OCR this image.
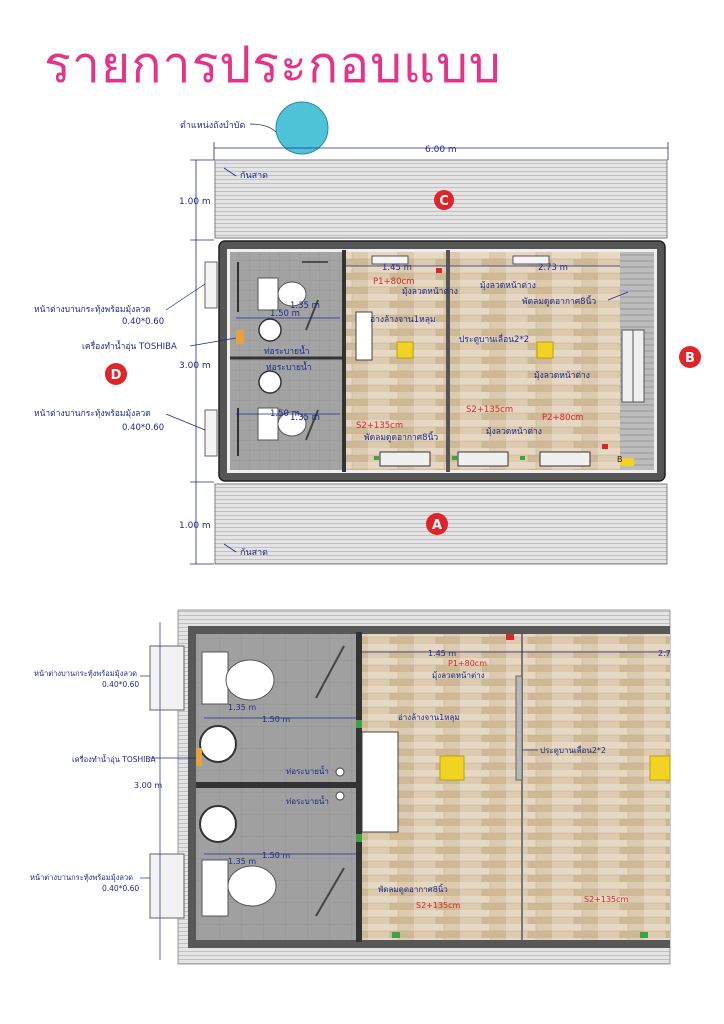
รายการประกอบแบบ
ตำแหน่งถังบำบัด
6.00 m
กันสาด
กันสาด
1.00 m
3.00 m
1.00 m
1.50 m
1.50 m
1.35 m
1.35 m
1.45 m	2.73 m
P1+80cm
มุ้งลวดหน้าต่าง
มุ้งลวดหน้าต่าง
พัดลมดูดอากาศ8นิ้ว
อ่างล้างจาน1หลุม
ท่อระบายน้ำ
ท่อระบายน้ำ
ประตูบานเลื่อน2*2
มุ้งลวดหน้าต่าง
S2+135cm
P2+80cm
มุ้งลวดหน้าต่าง
S2+135cm
พัดลมดูดอากาศ8นิ้ว
B
หน้าต่างบานกระทุ้งพร้อมมุ้งลวด
0.40*0.60
เครื่องทำน้ำอุ่น TOSHIBA
หน้าต่างบานกระทุ้งพร้อมมุ้งลวด
0.40*0.60
C
A
B
D
3.00 m
1.50 m
1.35 m
1.50 m
1.35 m
1.45 m	2.7
P1+80cm
มุ้งลวดหน้าต่าง
อ่างล้างจาน1หลุม
ประตูบานเลื่อน2*2
ท่อระบายน้ำ
ท่อระบายน้ำ
พัดลมดูดอากาศ8นิ้ว
S2+135cm
S2+135cm
หน้าต่างบานกระทุ้งพร้อมมุ้งลวด
0.40*0.60
เครื่องทำน้ำอุ่น TOSHIBA
หน้าต่างบานกระทุ้งพร้อมมุ้งลวด
0.40*0.60
